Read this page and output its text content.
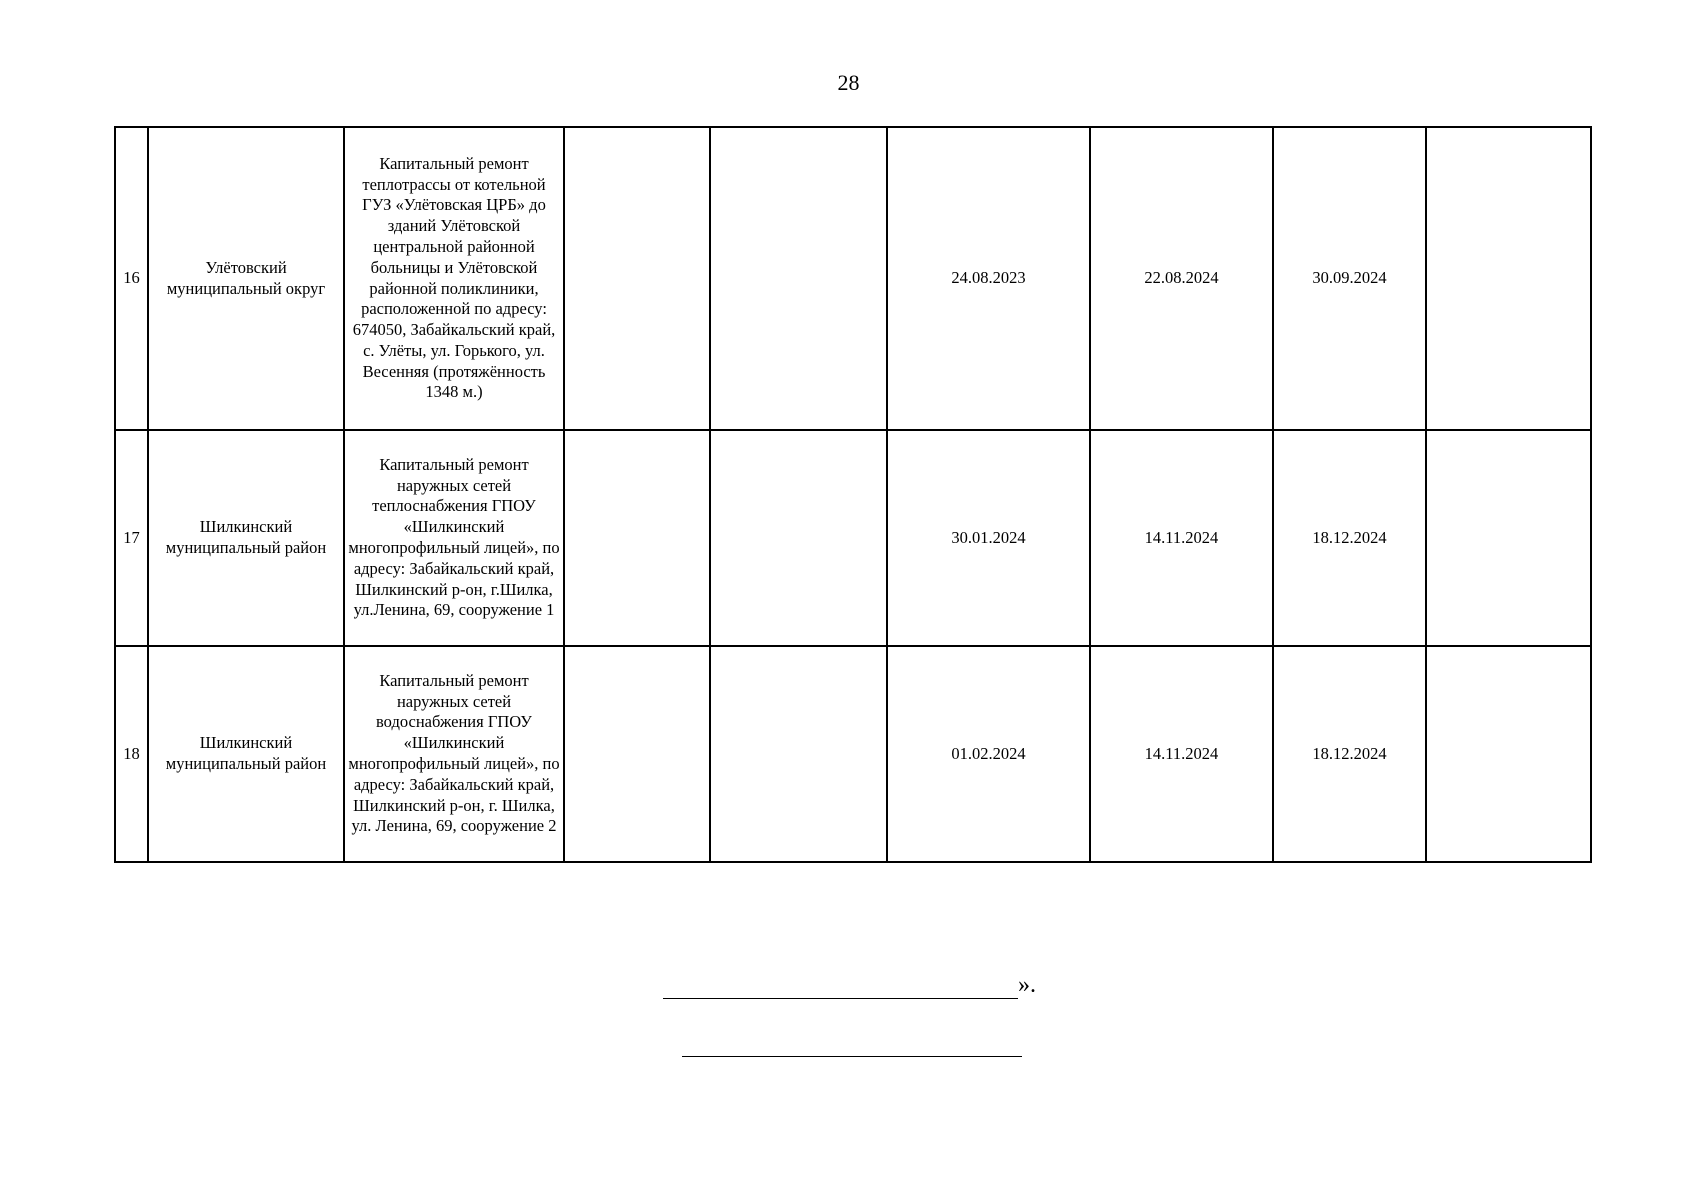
28
16	Улётовский муниципальный округ	Капитальный ремонт теплотрассы от котельной ГУЗ «Улётовская ЦРБ» до зданий Улётовской центральной районной больницы и Улётовской районной поликлиники, расположенной по адресу: 674050, Забайкальский край, с. Улёты, ул. Горького, ул. Весенняя (протяжённость 1348 м.)			24.08.2023	22.08.2024	30.09.2024	
17	Шилкинский муниципальный район	Капитальный ремонт наружных сетей теплоснабжения ГПОУ «Шилкинский многопрофильный лицей», по адресу: Забайкальский край, Шилкинский р-он, г.Шилка, ул.Ленина, 69, сооружение 1			30.01.2024	14.11.2024	18.12.2024	
18	Шилкинский муниципальный район	Капитальный ремонт наружных сетей водоснабжения ГПОУ «Шилкинский многопрофильный лицей», по адресу: Забайкальский край, Шилкинский р-он, г. Шилка, ул. Ленина, 69, сооружение 2			01.02.2024	14.11.2024	18.12.2024	
».
